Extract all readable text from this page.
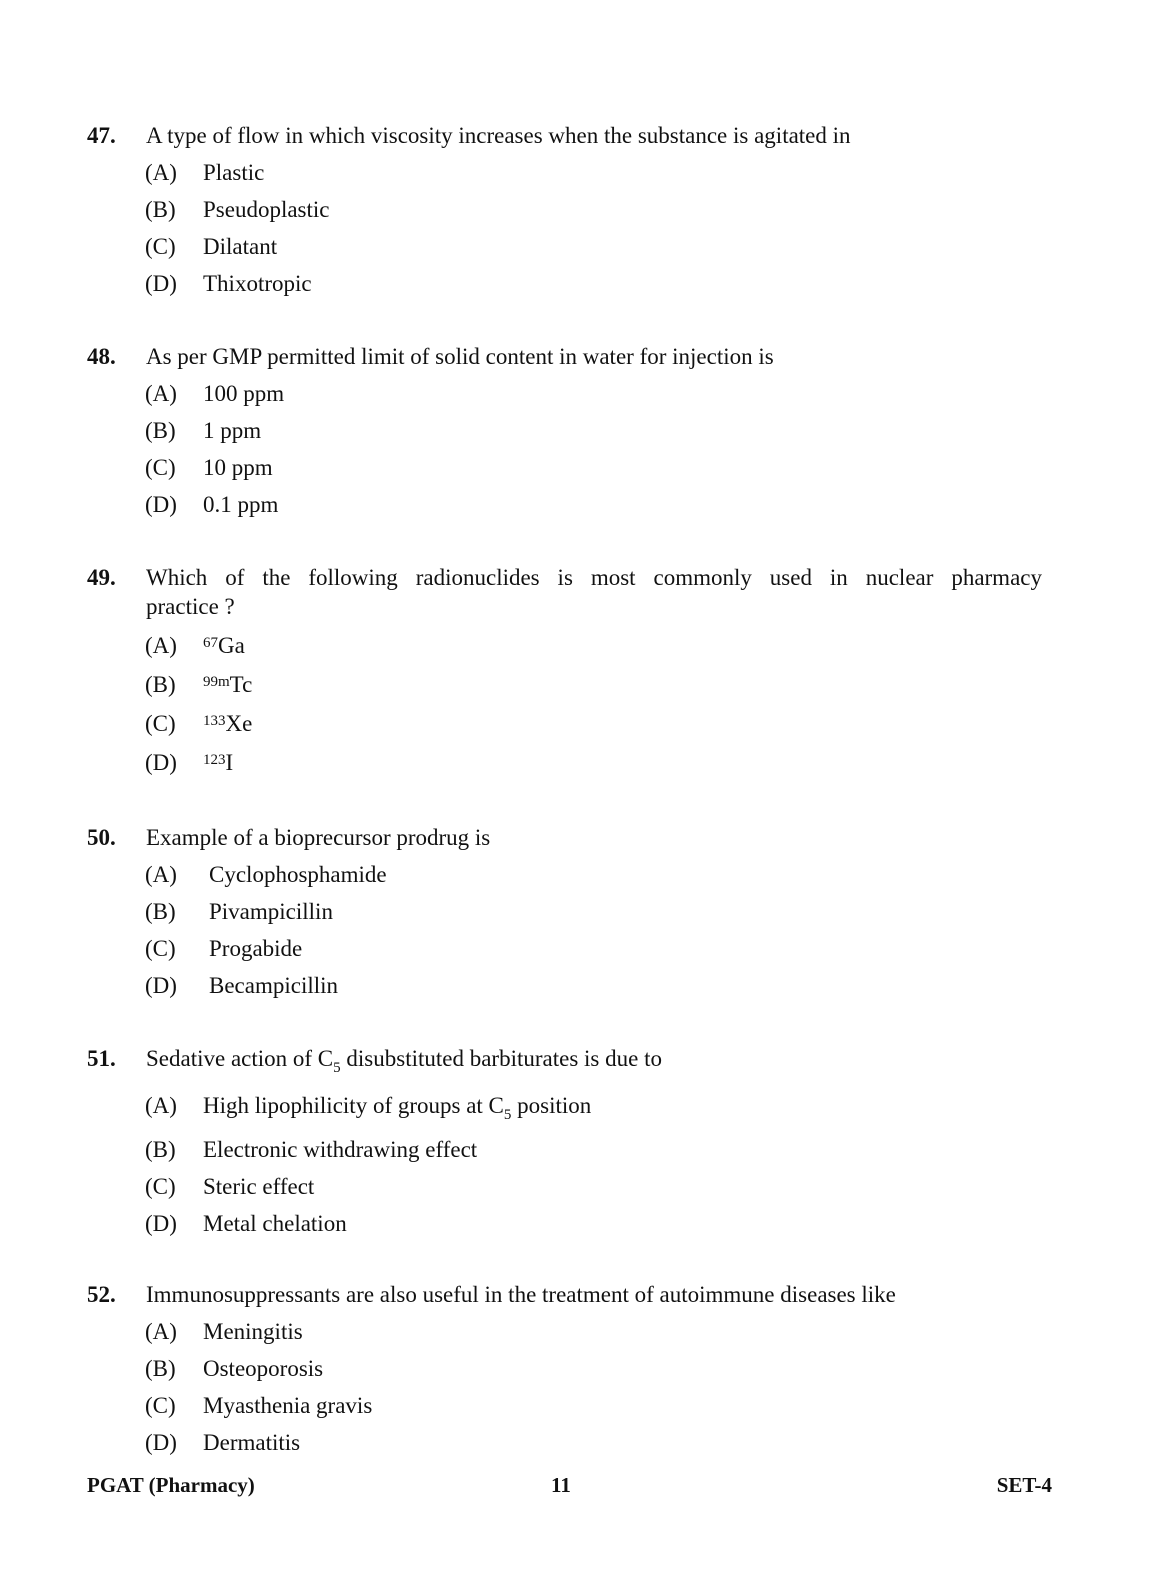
47. A type of flow in which viscosity increases when the substance is agitated in
(A) Plastic
(B) Pseudoplastic
(C) Dilatant
(D) Thixotropic
48. As per GMP permitted limit of solid content in water for injection is
(A) 100 ppm
(B) 1 ppm
(C) 10 ppm
(D) 0.1 ppm
49. Which of the following radionuclides is most commonly used in nuclear pharmacy
practice ?
(A) $^{67}$Ga
(B) $^{99m}$Tc
(C) $^{133}$Xe
(D) $^{123}$I
50. Example of a bioprecursor prodrug is
(A) Cyclophosphamide
(B) Pivampicillin
(C) Progabide
(D) Becampicillin
51. Sedative action of $C_5$ disubstituted barbiturates is due to
(A) High lipophilicity of groups at $C_5$ position
(B) Electronic withdrawing effect
(C) Steric effect
(D) Metal chelation
52. Immunosuppressants are also useful in the treatment of autoimmune diseases like
(A) Meningitis
(B) Osteoporosis
(C) Myasthenia gravis
(D) Dermatitis
PGAT (Pharmacy)	11	SET-4
